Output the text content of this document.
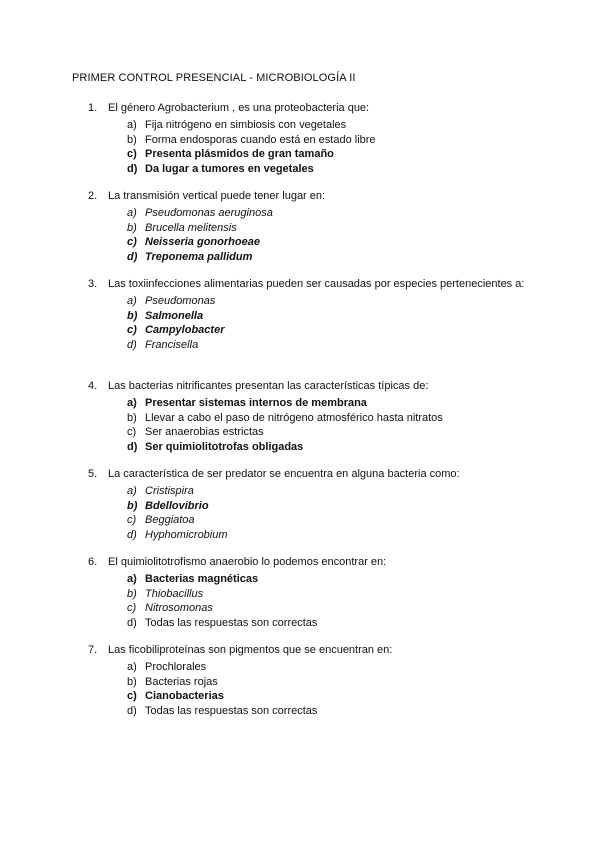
PRIMER CONTROL PRESENCIAL - MICROBIOLOGÍA II
1. El género Agrobacterium , es una proteobacteria que:
a) Fija nitrógeno en simbiosis con vegetales
b) Forma endosporas cuando está en estado libre
c) Presenta plásmidos de gran tamaño
d) Da lugar a tumores en vegetales
2. La transmisión vertical puede tener lugar en:
a) Pseudomonas aeruginosa
b) Brucella melitensis
c) Neisseria gonorhoeae
d) Treponema pallidum
3. Las toxiinfecciones alimentarias pueden ser causadas por especies pertenecientes a:
a) Pseudomonas
b) Salmonella
c) Campylobacter
d) Francisella
4. Las bacterias nitrificantes presentan las características típicas de:
a) Presentar sistemas internos de membrana
b) Llevar a cabo el paso de nitrógeno atmosférico hasta nitratos
c) Ser anaerobias estrictas
d) Ser quimiolitotrofas obligadas
5. La característica de ser predator se encuentra en alguna bacteria como:
a) Cristispira
b) Bdellovibrio
c) Beggiatoa
d) Hyphomicrobium
6. El quimiolitotrofismo anaerobio lo podemos encontrar en:
a) Bacterias magnéticas
b) Thiobacillus
c) Nitrosomonas
d) Todas las respuestas son correctas
7. Las ficobiliproteínas son pigmentos que se encuentran en:
a) Prochlorales
b) Bacterias rojas
c) Cianobacterias
d) Todas las respuestas son correctas
